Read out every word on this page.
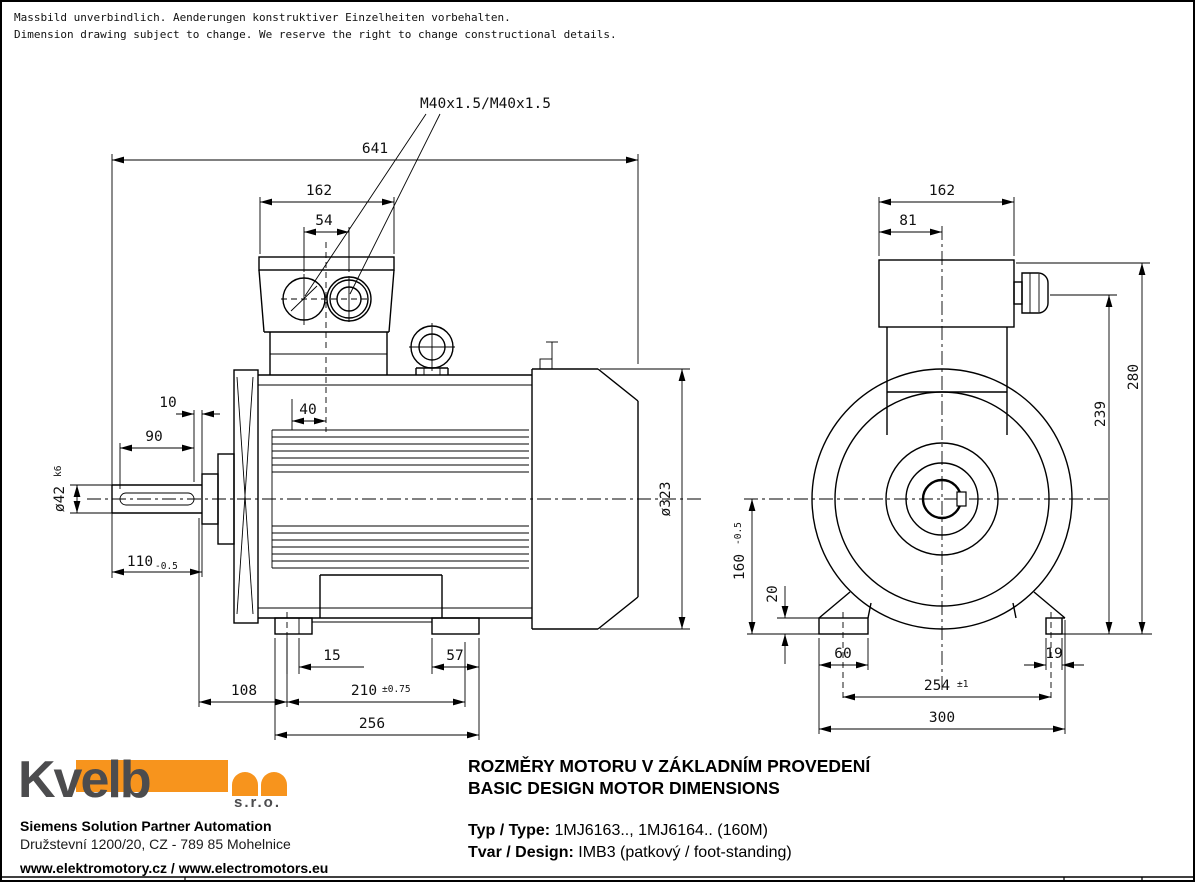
Massbild unverbindlich. Aenderungen konstruktiver Einzelheiten vorbehalten.
Dimension drawing subject to change. We reserve the right to change constructional details.
M40x1.5/M40x1.5
641
162
54
40
10
90
ø42
k6
110 -0.5
ø323
15	57
108	210 ±0.75
256
162
81
280
239
160
-0.5
20
60	19
254 ±1
300
Kvelb	s.r.o.
Siemens Solution Partner Automation
Družstevní 1200/20, CZ - 789 85 Mohelnice
www.elektromotory.cz / www.electromotors.eu
ROZMĚRY MOTORU V ZÁKLADNÍM PROVEDENÍ
BASIC DESIGN MOTOR DIMENSIONS
Typ / Type: 1MJ6163.., 1MJ6164.. (160M)
Tvar / Design: IMB3 (patkový / foot-standing)
